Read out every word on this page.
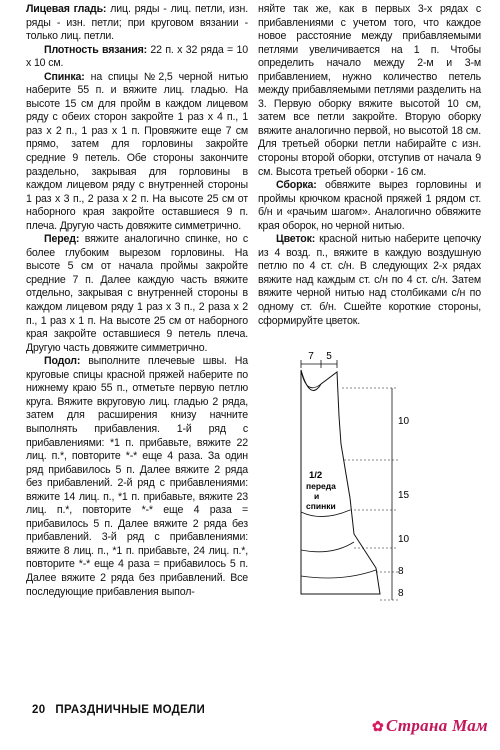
Лицевая гладь: лиц. ряды - лиц. петли, изн. ряды - изн. петли; при круговом вязании - только лиц. петли.

Плотность вязания: 22 п. x 32 ряда = 10 x 10 см.

Спинка: на спицы №2,5 черной нитью наберите 55 п. и вяжите лиц. гладью. На высоте 15 см для пройм в каждом лицевом ряду с обеих сторон закройте 1 раз х 4 п., 1 раз х 2 п., 1 раз х 1 п. Провяжите еще 7 см прямо, затем для горловины закройте средние 9 петель. Обе стороны закончите раздельно, закрывая для горловины в каждом лицевом ряду с внутренней стороны 1 раз х 3 п., 2 раза х 2 п. На высоте 25 см от наборного края закройте оставшиеся 9 п. плеча. Другую часть довяжите симметрично.

Перед: вяжите аналогично спинке, но с более глубоким вырезом горловины. На высоте 5 см от начала проймы закройте средние 7 п. Далее каждую часть вяжите отдельно, закрывая с внутренней стороны в каждом лицевом ряду 1 раз х 3 п., 2 раза х 2 п., 1 раз х 1 п. На высоте 25 см от наборного края закройте оставшиеся 9 петель плеча. Другую часть довяжите симметрично.

Подол: выполните плечевые швы. На круговые спицы красной пряжей наберите по нижнему краю 55 п., отметьте первую петлю круга. Вяжите вкруговую лиц. гладью 2 ряда, затем для расширения книзу начните выполнять прибавления. 1-й ряд с прибавлениями: *1 п. прибавьте, вяжите 22 лиц. п.*, повторите *-* еще 4 раза. За один ряд прибавилось 5 п. Далее вяжите 2 ряда без прибавлений. 2-й ряд с прибавлениями: вяжите 14 лиц. п., *1 п. прибавьте, вяжите 23 лиц. п.*, повторите *-* еще 4 раза = прибавилось 5 п. Далее вяжите 2 ряда без прибавлений. 3-й ряд с прибавлениями: вяжите 8 лиц. п., *1 п. прибавьте, 24 лиц. п.*, повторите *-* еще 4 раза = прибавилось 5 п. Далее вяжите 2 ряда без прибавлений. Все последующие прибавления выпол-

няйте так же, как в первых 3-х рядах с прибавлениями с учетом того, что каждое новое расстояние между прибавляемыми петлями увеличивается на 1 п. Чтобы определить начало между 2-м и 3-м прибавлением, нужно количество петель между прибавляемыми петлями разделить на 3. Первую оборку вяжите высотой 10 см, затем все петли закройте. Вторую оборку вяжите аналогично первой, но высотой 18 см. Для третьей оборки петли набирайте с изн. стороны второй оборки, отступив от начала 9 см. Высота третьей оборки - 16 см.

Сборка: обвяжите вырез горловины и проймы крючком красной пряжей 1 рядом ст. б/н и «рачьим шагом». Аналогично обвяжите края оборок, но черной нитью.

Цветок: красной нитью наберите цепочку из 4 возд. п., вяжите в каждую воздушную петлю по 4 ст. с/н. В следующих 2-х рядах вяжите над каждым ст. с/н по 4 ст. с/н. Затем вяжите черной нитью над столбиками с/н по одному ст. б/н. Сшейте короткие стороны, сформируйте цветок.

7 5
10
15
10
8
8
1/2
переда
и
спинки
20 ПРАЗДНИЧНЫЕ МОДЕЛИ
✿ Страна Мам
